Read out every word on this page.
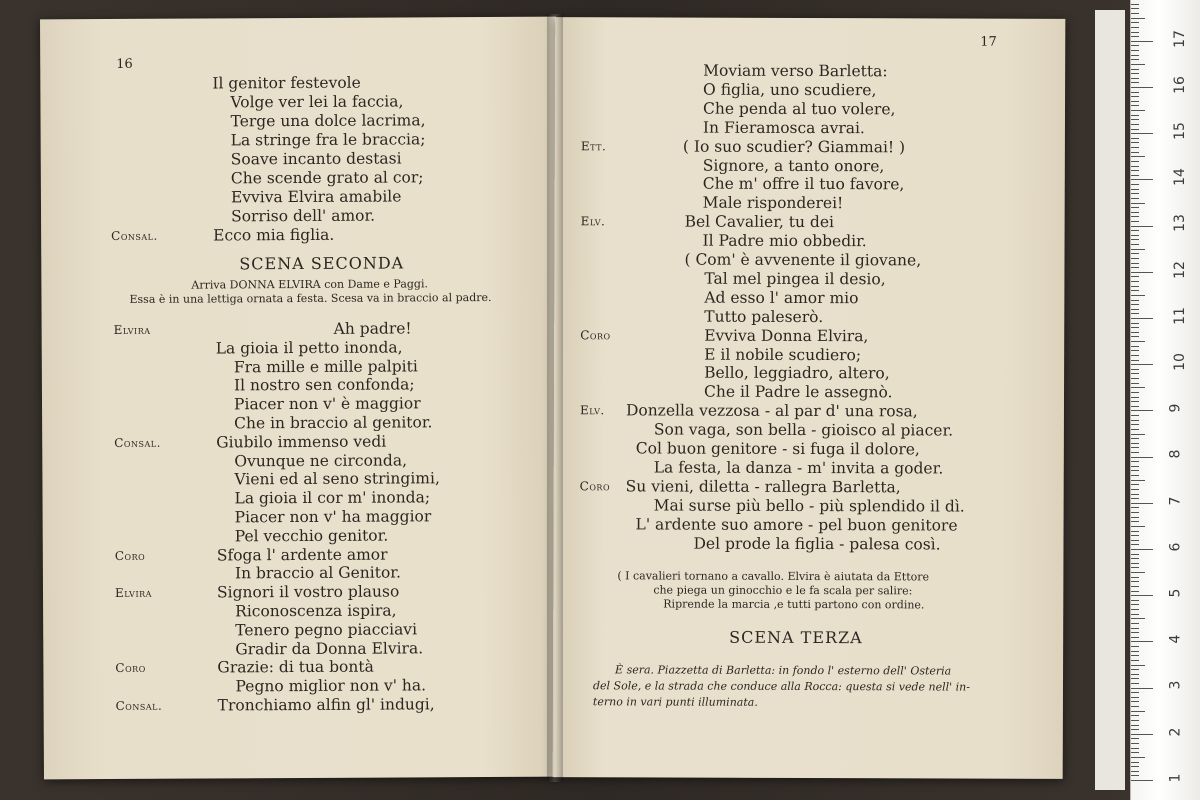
1
2
3
4
5
6
7
8
9
10
11
12
13
14
15
16
17
16
Il genitor festevole
Volge ver lei la faccia,
Terge una dolce lacrima,
La stringe fra le braccia;
Soave incanto destasi
Che scende grato al cor;
Evviva Elvira amabile
Sorriso dell' amor.
Consal.	Ecco mia figlia.
SCENA SECONDA
Arriva DONNA ELVIRA con Dame e Paggi.
Essa è in una lettiga ornata a festa. Scesa va in braccio al padre.
Elvira	Ah padre!
La gioia il petto inonda,
Fra mille e mille palpiti
Il nostro sen confonda;
Piacer non v' è maggior
Che in braccio al genitor.
Consal.	Giubilo immenso vedi
Ovunque ne circonda,
Vieni ed al seno stringimi,
La gioia il cor m' inonda;
Piacer non v' ha maggior
Pel vecchio genitor.
Coro	Sfoga l' ardente amor
In braccio al Genitor.
Elvira	Signori il vostro plauso
Riconoscenza ispira,
Tenero pegno piacciavi
Gradir da Donna Elvira.
Coro	Grazie: di tua bontà
Pegno miglior non v' ha.
Consal.	Tronchiamo alfin gl' indugi,
17
Moviam verso Barletta:
O figlia, uno scudiere,
Che penda al tuo volere,
In Fieramosca avrai.
Ett.	( Io suo scudier? Giammai! )
Signore, a tanto onore,
Che m' offre il tuo favore,
Male risponderei!
Elv.	Bel Cavalier, tu dei
Il Padre mio obbedir.
( Com' è avvenente il giovane,
Tal mel pingea il desio,
Ad esso l' amor mio
Tutto paleserò.
Coro	Evviva Donna Elvira,
E il nobile scudiero;
Bello, leggiadro, altero,
Che il Padre le assegnò.
Elv. Donzella vezzosa - al par d' una rosa,
Son vaga, son bella - gioisco al piacer.
Col buon genitore - si fuga il dolore,
La festa, la danza - m' invita a goder.
Coro Su vieni, diletta - rallegra Barletta,
Mai surse più bello - più splendido il dì.
L' ardente suo amore - pel buon genitore
Del prode la figlia - palesa così.
( I cavalieri tornano a cavallo. Elvira è aiutata da Ettore
che piega un ginocchio e le fa scala per salire:
Riprende la marcia ,e tutti partono con ordine.
SCENA TERZA
È sera. Piazzetta di Barletta: in fondo l' esterno dell' Osteria
del Sole, e la strada che conduce alla Rocca: questa si vede nell' in-
terno in vari punti illuminata.
